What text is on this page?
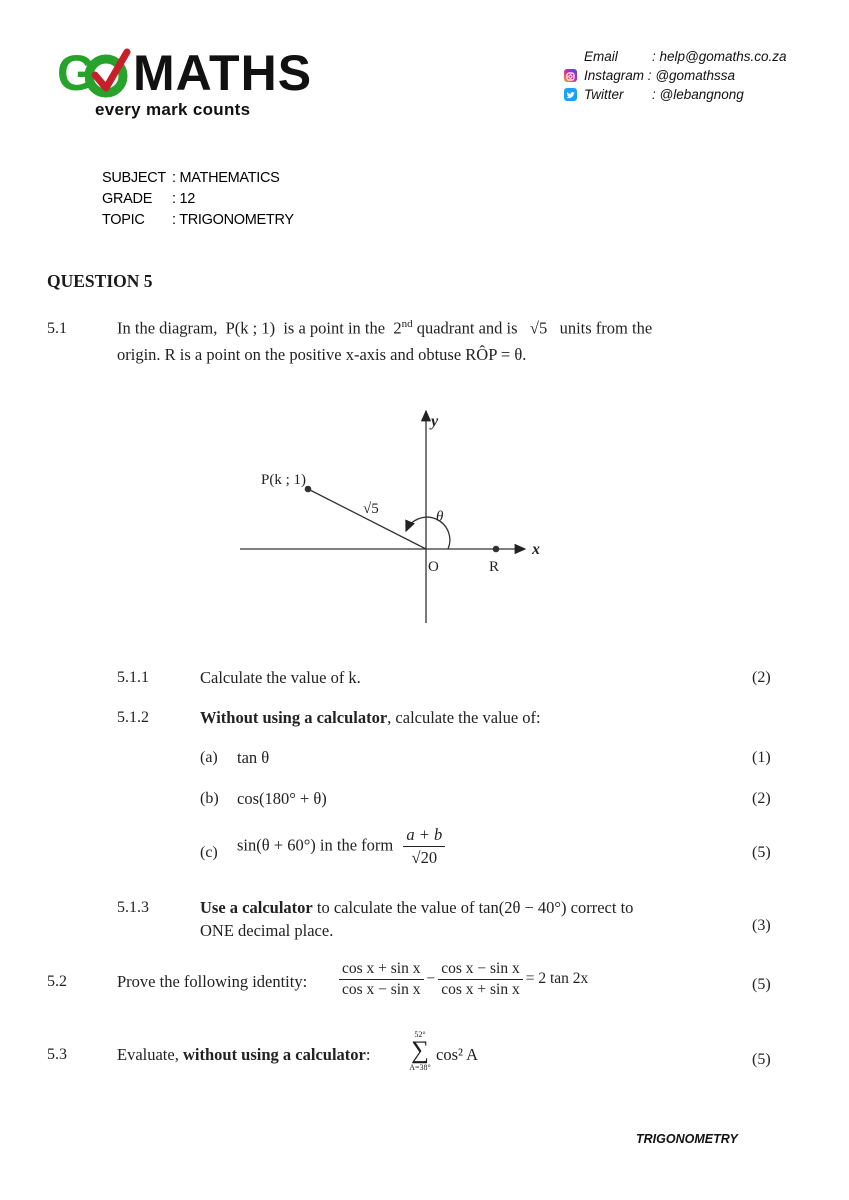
G MATHS
every mark counts
Email	: help@gomaths.co.za
Instagram : @gomathssa
Twitter : @lebangnong
SUBJECT : MATHEMATICS
GRADE : 12
TOPIC : TRIGONOMETRY
QUESTION 5
5.1	In the diagram, P(k ; 1) is a point in the 2nd quadrant and is √5 units from the
origin. R is a point on the positive x-axis and obtuse RÔP = θ.
P(k ; 1)
√5	θ
x
y
O	R
5.1.1	Calculate the value of k.	(2)
5.1.2	Without using a calculator, calculate the value of:
(a) tan θ	(1)
(b) cos(180° + θ)	(2)
(c) sin(θ + 60°) in the form $\frac{a + b}{√20}$	(5)
5.1.3	Use a calculator to calculate the value of tan(2θ − 40°) correct to
ONE decimal place.	(3)
5.2	Prove the following identity: $\frac{\text{cos x + sin x}}{\text{cos x − sin x}} - \frac{\text{cos x − sin x}}{\text{cos x + sin x}} = 2$ tan 2x	(5)
5.3	Evaluate, without using a calculator:
52°
∑
A=38°
cos² A	(5)
TRIGONOMETRY
